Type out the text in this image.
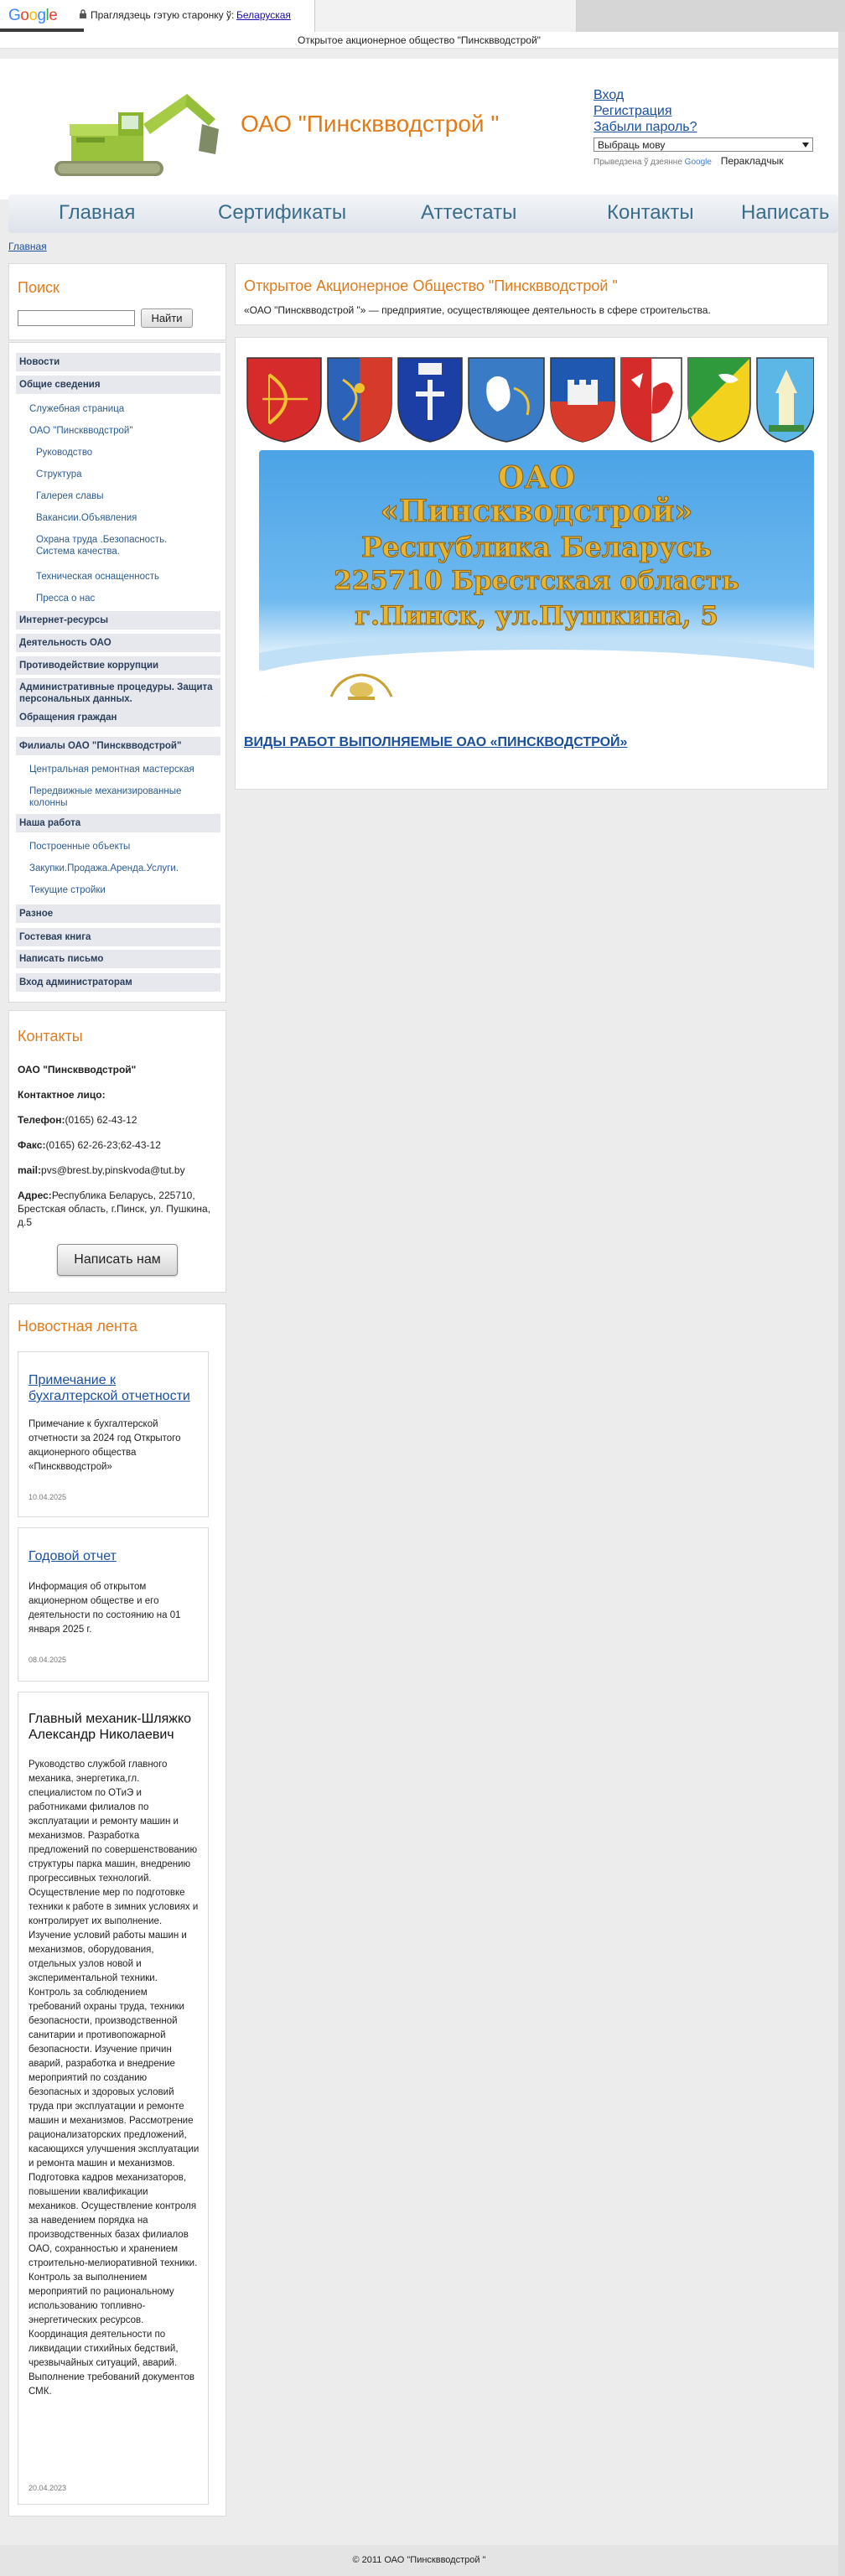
Google	Праглядзець гэтую старонку ў: Беларуская
Открытое акционерное общество "Пинсквводстрой"
ОАО "Пинсквводстрой "
Вход
Регистрация
Забыли пароль?
Выбраць мову
Прыведзена ў дзеянне Google Перакладчык
Главная	Сертификаты	Аттестаты	Контакты Написать
Главная
Поиск
Найти
Новости
Общие сведения
Служебная страница
ОАО "Пинсквводстрой"
Руководство
Структура
Галерея славы
Вакансии.Объявления
Охрана труда .Безопасность. Система качества.
Техническая оснащенность
Пресса о нас
Интернет-ресурсы
Деятельность ОАО
Противодействие коррупции
Административные процедуры. Защита персональных данных.
Обращения граждан
Филиалы ОАО "Пинсквводстрой"
Центральная ремонтная мастерская
Передвижные механизированные колонны
Наша работа
Построенные объекты
Закупки.Продажа.Аренда.Услуги.
Текущие стройки
Разное
Гостевая книга
Написать письмо
Вход администраторам
Контакты
ОАО "Пинсквводстрой"
Контактное лицо:
Телефон:(0165) 62-43-12
Факс:(0165) 62-26-23;62-43-12
mail:pvs@brest.by,pinskvoda@tut.by
Адрес:Республика Беларусь, 225710, Брестская область, г.Пинск, ул. Пушкина, д.5
Написать нам
Новостная лента
Примечание к бухгалтерской отчетности
Примечание к бухгалтерской отчетности за 2024 год Открытого акционерного общества «Пинсквводстрой»
10.04.2025
Годовой отчет
Информация об открытом акционерном обществе и его деятельности по состоянию на 01 января 2025 г.
08.04.2025
Главный механик-Шляжко Александр Николаевич
Руководство службой главного механика, энергетика,гл. специалистом по ОТиЭ и работниками филиалов по эксплуатации и ремонту машин и механизмов. Разработка предложений по совершенствованию структуры парка машин, внедрению прогрессивных технологий. Осуществление мер по подготовке техники к работе в зимних условиях и контролирует их выполнение. Изучение условий работы машин и механизмов, оборудования, отдельных узлов новой и экспериментальной техники. Контроль за соблюдением требований охраны труда, техники безопасности, производственной санитарии и противопожарной безопасности. Изучение причин аварий, разработка и внедрение мероприятий по созданию безопасных и здоровых условий труда при эксплуатации и ремонте машин и механизмов. Рассмотрение рационализаторских предложений, касающихся улучшения эксплуатации и ремонта машин и механизмов. Подготовка кадров механизаторов, повышении квалификации механиков. Осуществление контроля за наведением порядка на производственных базах филиалов ОАО, сохранностью и хранением строительно-мелиоративной техники. Контроль за выполнением мероприятий по рациональному использованию топливно-энергетических ресурсов. Координация деятельности по ликвидации стихийных бедствий, чрезвычайных ситуаций, аварий. Выполнение требований документов СМК.
20.04.2023
Открытое Акционерное Общество "Пинсквводстрой "

«ОАО "Пинсквводстрой "» — предприятие, осуществляющее деятельность в сфере строительства.

ОАО
«Пинскводстрой»
Республика Беларусь
225710 Брестская область
г.Пинск, ул.Пушкина, 5
ВИДЫ РАБОТ ВЫПОЛНЯЕМЫЕ ОАО «ПИНСКВОДСТРОЙ»
© 2011 ОАО "Пинсквводстрой "
